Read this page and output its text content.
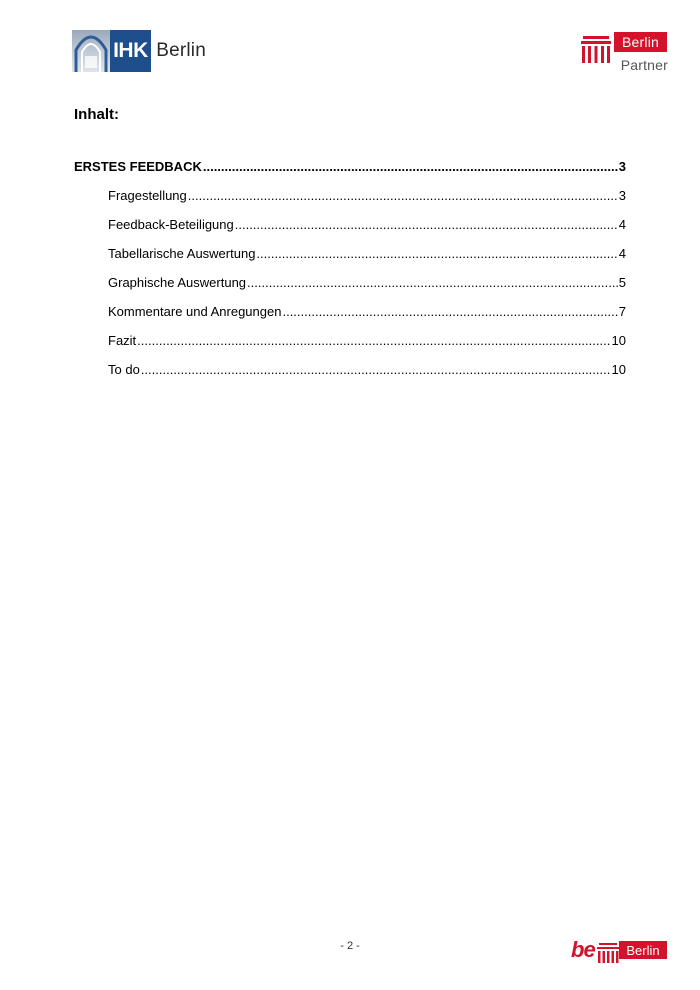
IHK Berlin	Berlin
Partner
Inhalt:
ERSTES FEEDBACK .....	3
Fragestellung .....	3
Feedback-Beteiligung .....	4
Tabellarische Auswertung .....	4
Graphische Auswertung .....	5
Kommentare und Anregungen .....	7
Fazit .....	10
To do .....	10
- 2 -	be	Berlin
